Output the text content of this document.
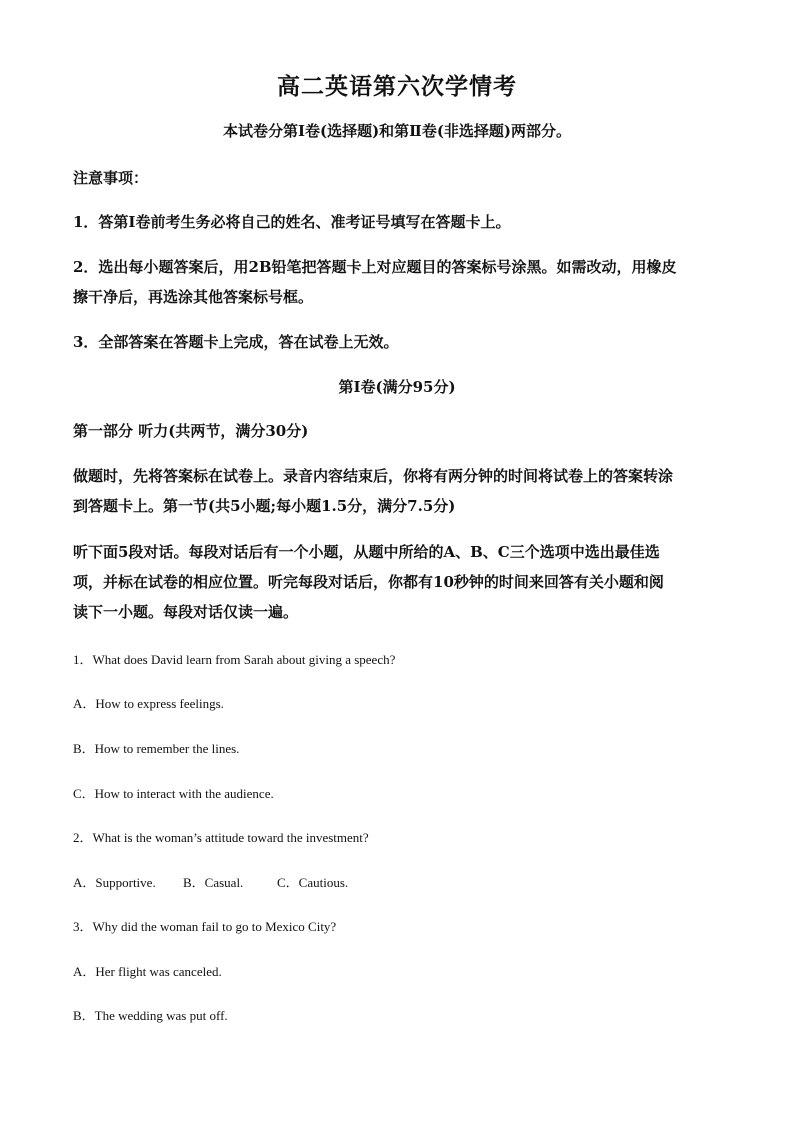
高二英语第六次学情考
本试卷分第Ⅰ卷(选择题)和第Ⅱ卷(非选择题)两部分。
注意事项：
1．答第Ⅰ卷前考生务必将自己的姓名、准考证号填写在答题卡上。
2．选出每小题答案后，用2B铅笔把答题卡上对应题目的答案标号涂黑。如需改动，用橡皮
擦干净后，再选涂其他答案标号框。
3．全部答案在答题卡上完成，答在试卷上无效。
第Ⅰ卷(满分95分)
第一部分 听力(共两节，满分30分)
做题时，先将答案标在试卷上。录音内容结束后，你将有两分钟的时间将试卷上的答案转涂
到答题卡上。第一节(共5小题;每小题1.5分，满分7.5分)
听下面5段对话。每段对话后有一个小题，从题中所给的A、B、C三个选项中选出最佳选
项，并标在试卷的相应位置。听完每段对话后，你都有10秒钟的时间来回答有关小题和阅
读下一小题。每段对话仅读一遍。
1．What does David learn from Sarah about giving a speech?
A．How to express feelings.
B．How to remember the lines.
C．How to interact with the audience.
2．What is the woman’s attitude toward the investment?
A．Supportive. B．Casual.	C．Cautious.
3．Why did the woman fail to go to Mexico City?
A．Her flight was canceled.
B．The wedding was put off.
